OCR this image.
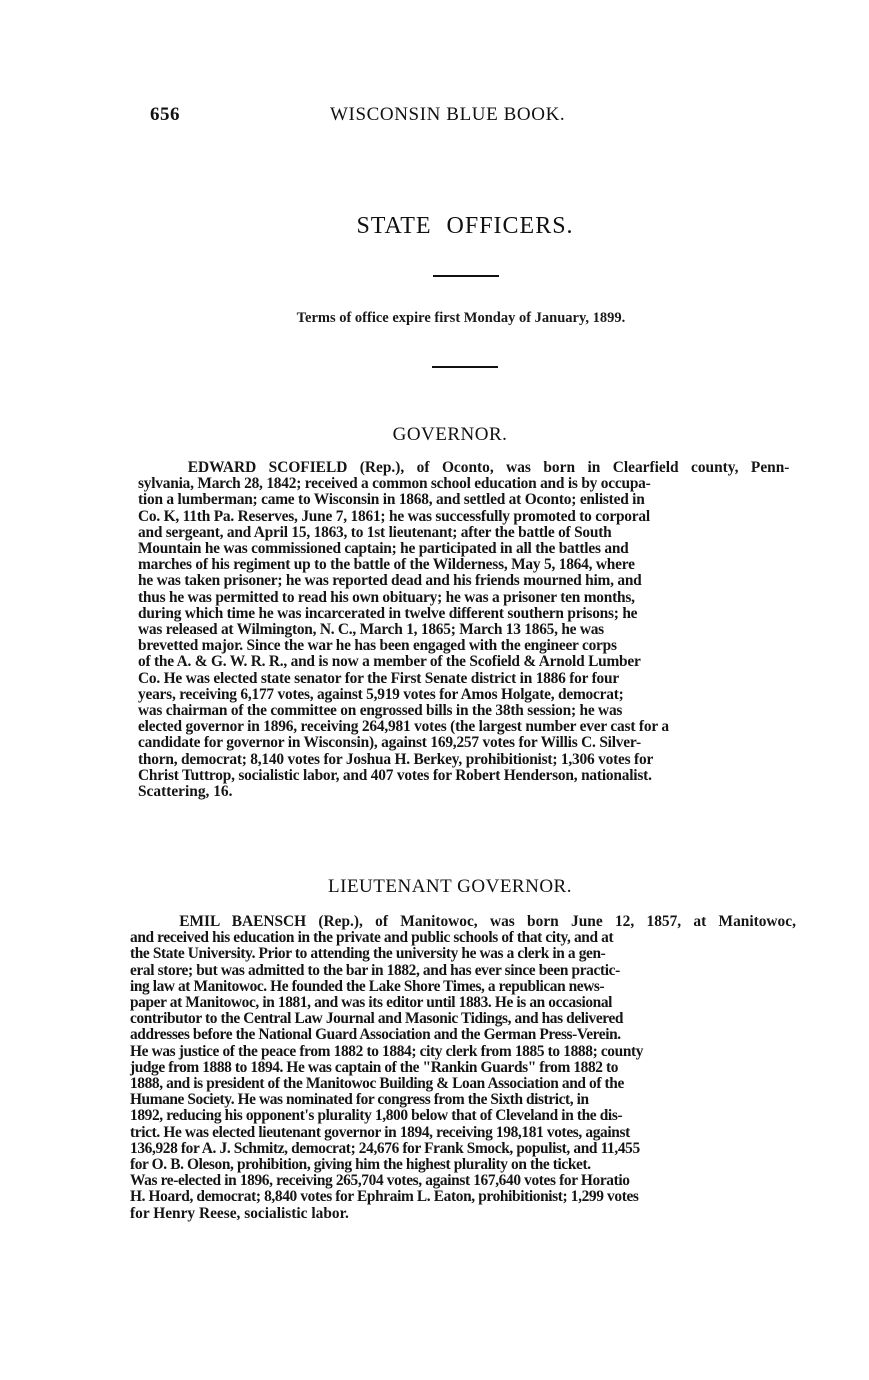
656	WISCONSIN BLUE BOOK.
STATE OFFICERS.
Terms of office expire first Monday of January, 1899.
GOVERNOR.
EDWARD SCOFIELD (Rep.), of Oconto, was born in Clearfield county, Penn-
sylvania, March 28, 1842; received a common school education and is by occupa-
tion a lumberman; came to Wisconsin in 1868, and settled at Oconto; enlisted in
Co. K, 11th Pa. Reserves, June 7, 1861; he was successfully promoted to corporal
and sergeant, and April 15, 1863, to 1st lieutenant; after the battle of South
Mountain he was commissioned captain; he participated in all the battles and
marches of his regiment up to the battle of the Wilderness, May 5, 1864, where
he was taken prisoner; he was reported dead and his friends mourned him, and
thus he was permitted to read his own obituary; he was a prisoner ten months,
during which time he was incarcerated in twelve different southern prisons; he
was released at Wilmington, N. C., March 1, 1865; March 13 1865, he was
brevetted major. Since the war he has been engaged with the engineer corps
of the A. & G. W. R. R., and is now a member of the Scofield & Arnold Lumber
Co. He was elected state senator for the First Senate district in 1886 for four
years, receiving 6,177 votes, against 5,919 votes for Amos Holgate, democrat;
was chairman of the committee on engrossed bills in the 38th session; he was
elected governor in 1896, receiving 264,981 votes (the largest number ever cast for a
candidate for governor in Wisconsin), against 169,257 votes for Willis C. Silver-
thorn, democrat; 8,140 votes for Joshua H. Berkey, prohibitionist; 1,306 votes for
Christ Tuttrop, socialistic labor, and 407 votes for Robert Henderson, nationalist.
Scattering, 16.
LIEUTENANT GOVERNOR.
EMIL BAENSCH (Rep.), of Manitowoc, was born June 12, 1857, at Manitowoc,
and received his education in the private and public schools of that city, and at
the State University. Prior to attending the university he was a clerk in a gen-
eral store; but was admitted to the bar in 1882, and has ever since been practic-
ing law at Manitowoc. He founded the Lake Shore Times, a republican news-
paper at Manitowoc, in 1881, and was its editor until 1883. He is an occasional
contributor to the Central Law Journal and Masonic Tidings, and has delivered
addresses before the National Guard Association and the German Press-Verein.
He was justice of the peace from 1882 to 1884; city clerk from 1885 to 1888; county
judge from 1888 to 1894. He was captain of the "Rankin Guards" from 1882 to
1888, and is president of the Manitowoc Building & Loan Association and of the
Humane Society. He was nominated for congress from the Sixth district, in
1892, reducing his opponent's plurality 1,800 below that of Cleveland in the dis-
trict. He was elected lieutenant governor in 1894, receiving 198,181 votes, against
136,928 for A. J. Schmitz, democrat; 24,676 for Frank Smock, populist, and 11,455
for O. B. Oleson, prohibition, giving him the highest plurality on the ticket.
Was re-elected in 1896, receiving 265,704 votes, against 167,640 votes for Horatio
H. Hoard, democrat; 8,840 votes for Ephraim L. Eaton, prohibitionist; 1,299 votes
for Henry Reese, socialistic labor.
